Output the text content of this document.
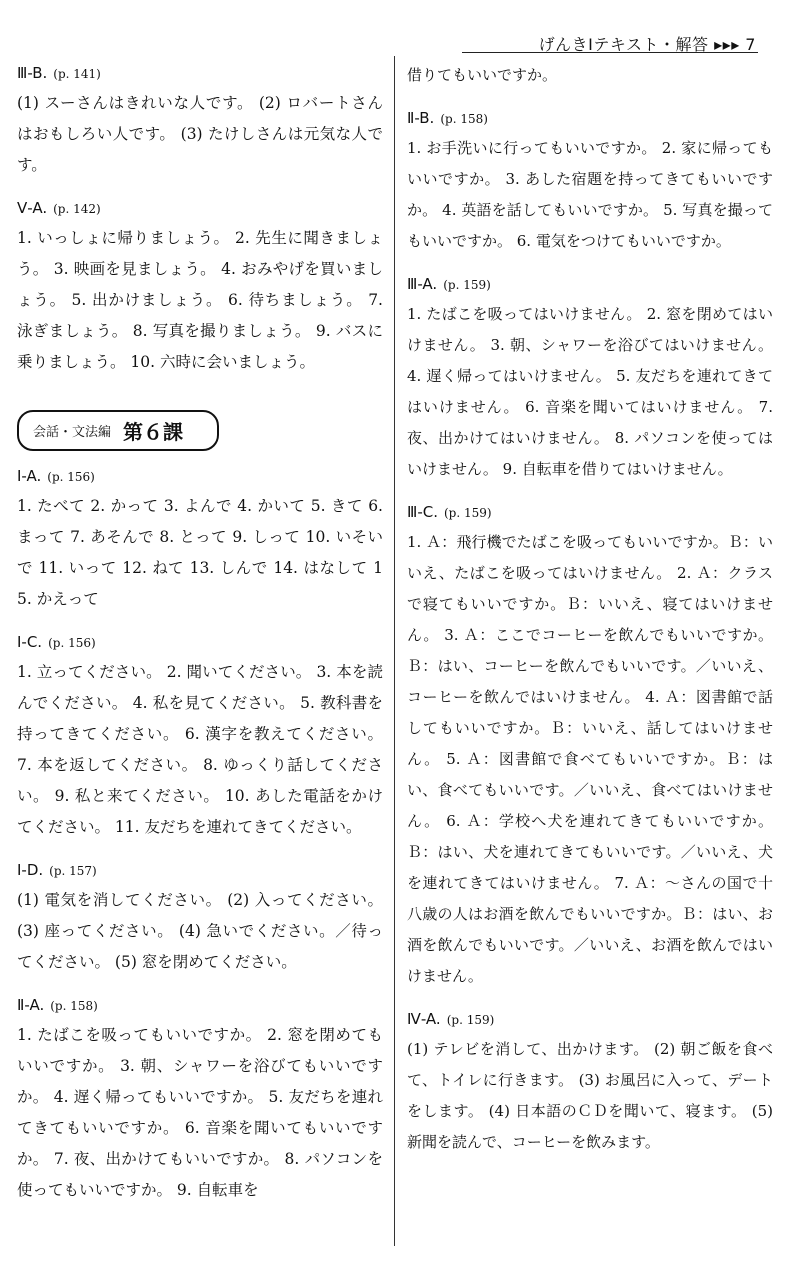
げんきⅠテキスト・解答 ▸▸▸ 7
Ⅲ-B. (p. 141)
(1) スーさんはきれいな人です。 (2) ロバートさんはおもしろい人です。 (3) たけしさんは元気な人です。
Ⅴ-A. (p. 142)
1. いっしょに帰りましょう。 2. 先生に聞きましょう。 3. 映画を見ましょう。 4. おみやげを買いましょう。 5. 出かけましょう。 6. 待ちましょう。 7. 泳ぎましょう。 8. 写真を撮りましょう。 9. バスに乗りましょう。 10. 六時に会いましょう。
会話・文法編 第６課
Ⅰ-A. (p. 156)
1. たべて 2. かって 3. よんで 4. かいて 5. きて 6. まって 7. あそんで 8. とって 9. しって 10. いそいで 11. いって 12. ねて 13. しんで 14. はなして 15. かえって
Ⅰ-C. (p. 156)
1. 立ってください。 2. 聞いてください。 3. 本を読んでください。 4. 私を見てください。 5. 教科書を持ってきてください。 6. 漢字を教えてください。 7. 本を返してください。 8. ゆっくり話してください。 9. 私と来てください。 10. あした電話をかけてください。 11. 友だちを連れてきてください。
Ⅰ-D. (p. 157)
(1) 電気を消してください。 (2) 入ってください。 (3) 座ってください。 (4) 急いでください。／待ってください。 (5) 窓を閉めてください。
Ⅱ-A. (p. 158)
1. たばこを吸ってもいいですか。 2. 窓を閉めてもいいですか。 3. 朝、シャワーを浴びてもいいですか。 4. 遅く帰ってもいいですか。 5. 友だちを連れてきてもいいですか。 6. 音楽を聞いてもいいですか。 7. 夜、出かけてもいいですか。 8. パソコンを使ってもいいですか。 9. 自転車を
借りてもいいですか。
Ⅱ-B. (p. 158)
1. お手洗いに行ってもいいですか。 2. 家に帰ってもいいですか。 3. あした宿題を持ってきてもいいですか。 4. 英語を話してもいいですか。 5. 写真を撮ってもいいですか。 6. 電気をつけてもいいですか。
Ⅲ-A. (p. 159)
1. たばこを吸ってはいけません。 2. 窓を閉めてはいけません。 3. 朝、シャワーを浴びてはいけません。 4. 遅く帰ってはいけません。 5. 友だちを連れてきてはいけません。 6. 音楽を聞いてはいけません。 7. 夜、出かけてはいけません。 8. パソコンを使ってはいけません。 9. 自転車を借りてはいけません。
Ⅲ-C. (p. 159)
1. Ａ：飛行機でたばこを吸ってもいいですか。Ｂ：いいえ、たばこを吸ってはいけません。 2. Ａ：クラスで寝てもいいですか。Ｂ：いいえ、寝てはいけません。 3. Ａ：ここでコーヒーを飲んでもいいですか。Ｂ：はい、コーヒーを飲んでもいいです。／いいえ、コーヒーを飲んではいけません。 4. Ａ：図書館で話してもいいですか。Ｂ：いいえ、話してはいけません。 5. Ａ：図書館で食べてもいいですか。Ｂ：はい、食べてもいいです。／いいえ、食べてはいけません。 6. Ａ：学校へ犬を連れてきてもいいですか。Ｂ：はい、犬を連れてきてもいいです。／いいえ、犬を連れてきてはいけません。 7. Ａ：〜さんの国で十八歳の人はお酒を飲んでもいいですか。Ｂ：はい、お酒を飲んでもいいです。／いいえ、お酒を飲んではいけません。
Ⅳ-A. (p. 159)
(1) テレビを消して、出かけます。 (2) 朝ご飯を食べて、トイレに行きます。 (3) お風呂に入って、デートをします。 (4) 日本語のＣＤを聞いて、寝ます。 (5) 新聞を読んで、コーヒーを飲みます。
